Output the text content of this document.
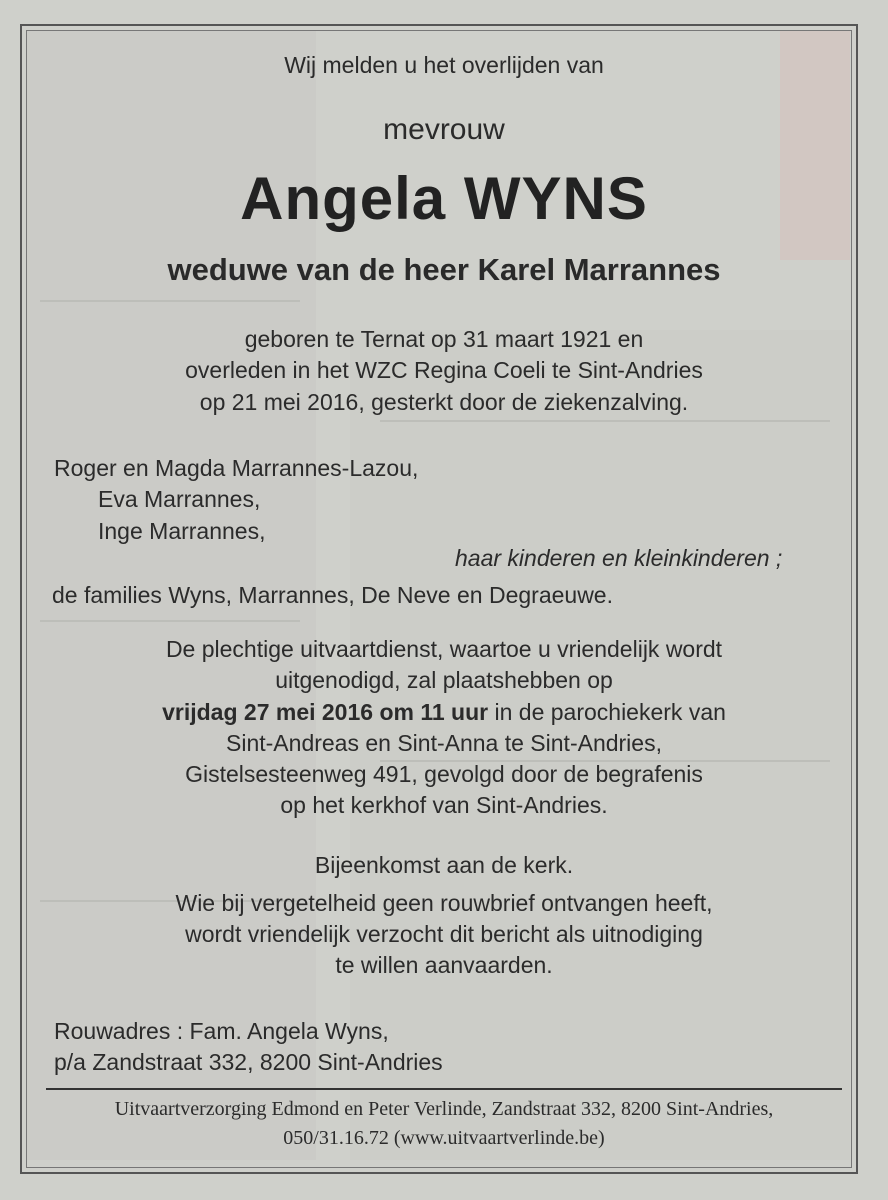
Wij melden u het overlijden van
mevrouw
Angela WYNS
weduwe van de heer Karel Marrannes
geboren te Ternat op 31 maart 1921 en
overleden in het WZC Regina Coeli te Sint-Andries
op 21 mei 2016, gesterkt door de ziekenzalving.
Roger en Magda Marrannes-Lazou,
Eva Marrannes,
Inge Marrannes,
haar kinderen en kleinkinderen ;
de families Wyns, Marrannes, De Neve en Degraeuwe.
De plechtige uitvaartdienst, waartoe u vriendelijk wordt
uitgenodigd, zal plaatshebben op
vrijdag 27 mei 2016 om 11 uur in de parochiekerk van
Sint-Andreas en Sint-Anna te Sint-Andries,
Gistelsesteenweg 491, gevolgd door de begrafenis
op het kerkhof van Sint-Andries.
Bijeenkomst aan de kerk.
Wie bij vergetelheid geen rouwbrief ontvangen heeft,
wordt vriendelijk verzocht dit bericht als uitnodiging
te willen aanvaarden.
Rouwadres : Fam. Angela Wyns,
p/a Zandstraat 332, 8200 Sint-Andries
Uitvaartverzorging Edmond en Peter Verlinde, Zandstraat 332, 8200 Sint-Andries,
050/31.16.72 (www.uitvaartverlinde.be)
